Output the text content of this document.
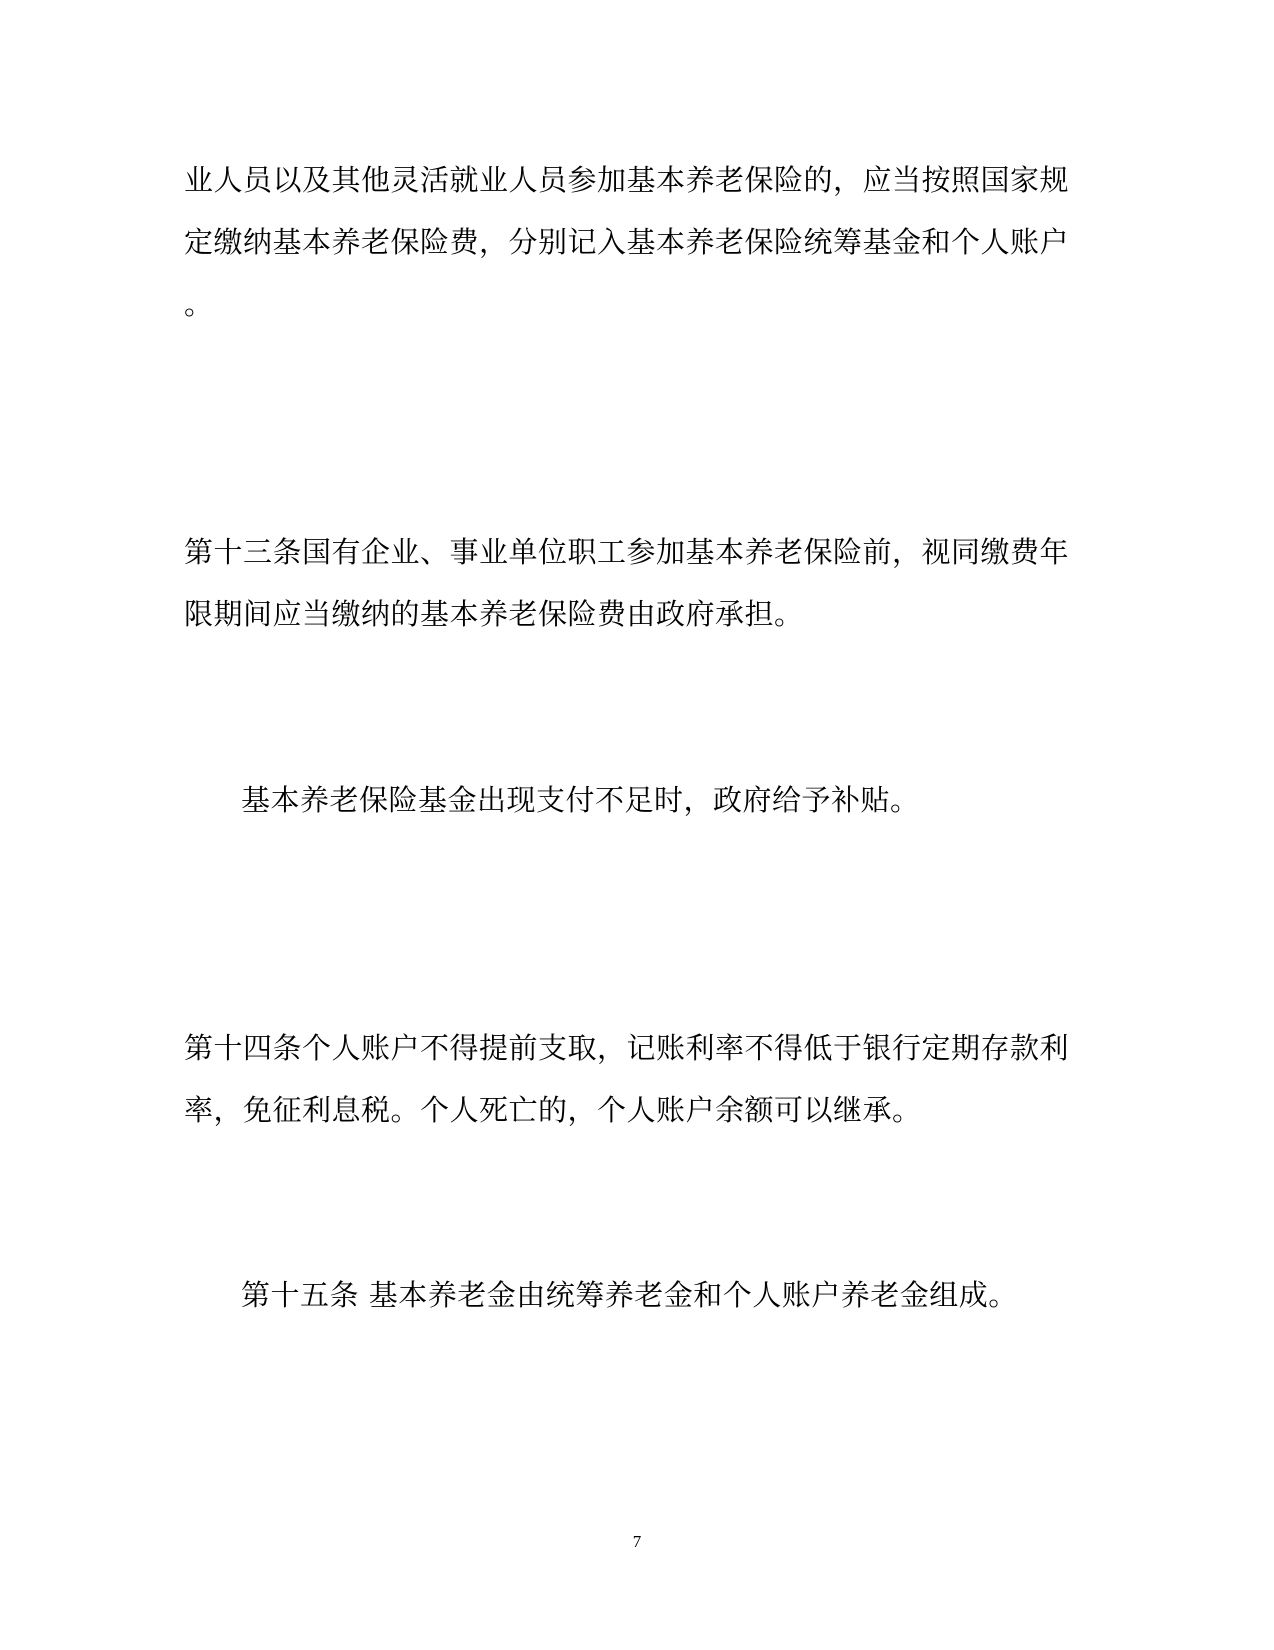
业人员以及其他灵活就业人员参加基本养老保险的，应当按照国家规
定缴纳基本养老保险费，分别记入基本养老保险统筹基金和个人账户
。
第十三条国有企业、事业单位职工参加基本养老保险前，视同缴费年
限期间应当缴纳的基本养老保险费由政府承担。
基本养老保险基金出现支付不足时，政府给予补贴。
第十四条个人账户不得提前支取，记账利率不得低于银行定期存款利
率，免征利息税。个人死亡的，个人账户余额可以继承。
第十五条 基本养老金由统筹养老金和个人账户养老金组成。
7
